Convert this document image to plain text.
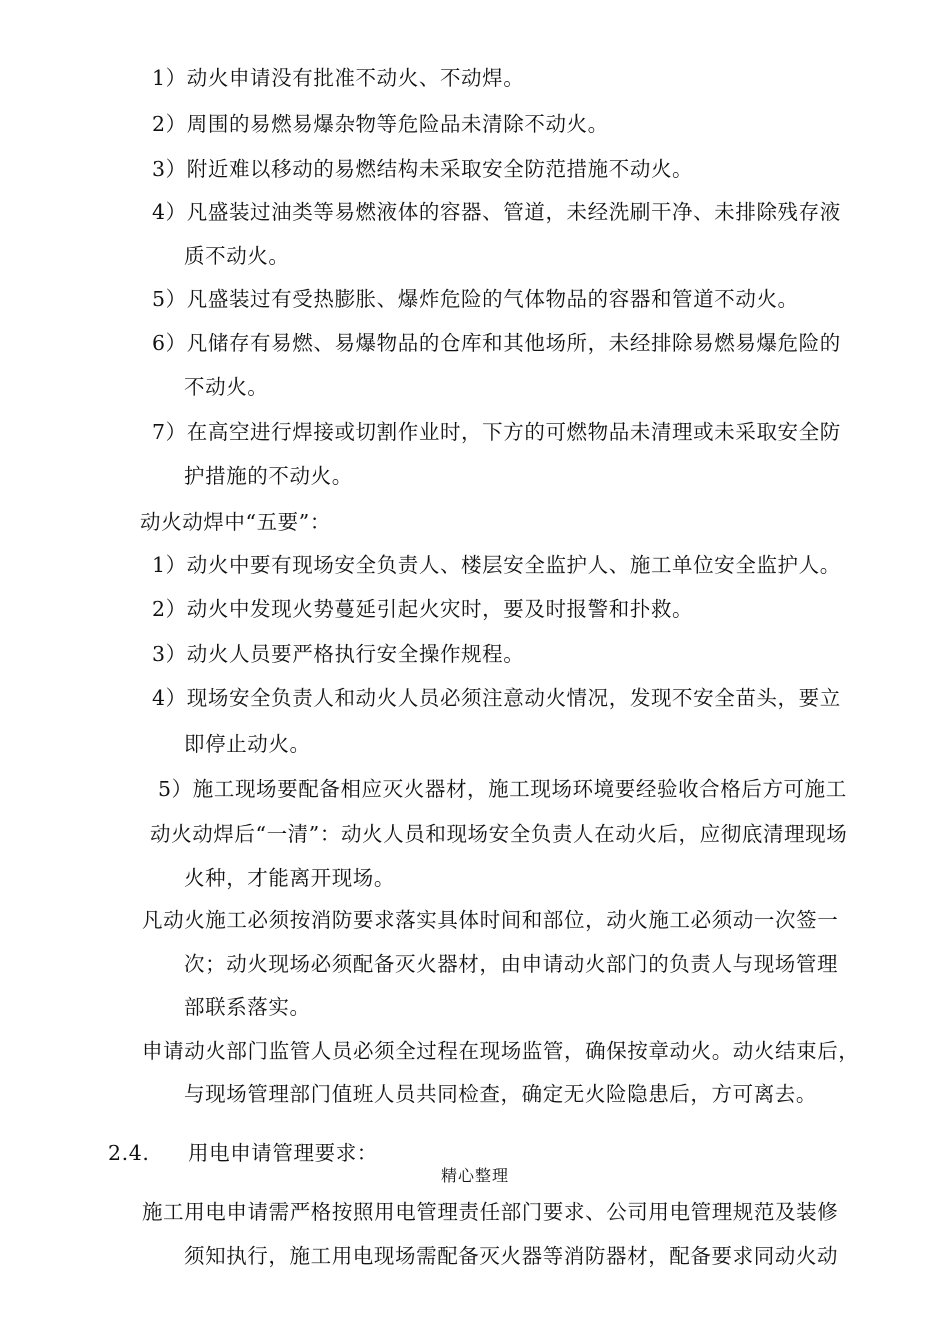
1）动火申请没有批准不动火、不动焊。
2）周围的易燃易爆杂物等危险品未清除不动火。
3）附近难以移动的易燃结构未采取安全防范措施不动火。
4）凡盛装过油类等易燃液体的容器、管道，未经洗刷干净、未排除残存液
质不动火。
5）凡盛装过有受热膨胀、爆炸危险的气体物品的容器和管道不动火。
6）凡储存有易燃、易爆物品的仓库和其他场所，未经排除易燃易爆危险的
不动火。
7）在高空进行焊接或切割作业时，下方的可燃物品未清理或未采取安全防
护措施的不动火。
动火动焊中“五要”：
1）动火中要有现场安全负责人、楼层安全监护人、施工单位安全监护人。
2）动火中发现火势蔓延引起火灾时，要及时报警和扑救。
3）动火人员要严格执行安全操作规程。
4）现场安全负责人和动火人员必须注意动火情况，发现不安全苗头，要立
即停止动火。
5）施工现场要配备相应灭火器材，施工现场环境要经验收合格后方可施工
动火动焊后“一清”：动火人员和现场安全负责人在动火后，应彻底清理现场
火种，才能离开现场。
凡动火施工必须按消防要求落实具体时间和部位，动火施工必须动一次签一
次；动火现场必须配备灭火器材，由申请动火部门的负责人与现场管理
部联系落实。
申请动火部门监管人员必须全过程在现场监管，确保按章动火。动火结束后，
与现场管理部门值班人员共同检查，确定无火险隐患后，方可离去。
2.4. 用电申请管理要求：
精心整理
施工用电申请需严格按照用电管理责任部门要求、公司用电管理规范及装修
须知执行，施工用电现场需配备灭火器等消防器材，配备要求同动火动
